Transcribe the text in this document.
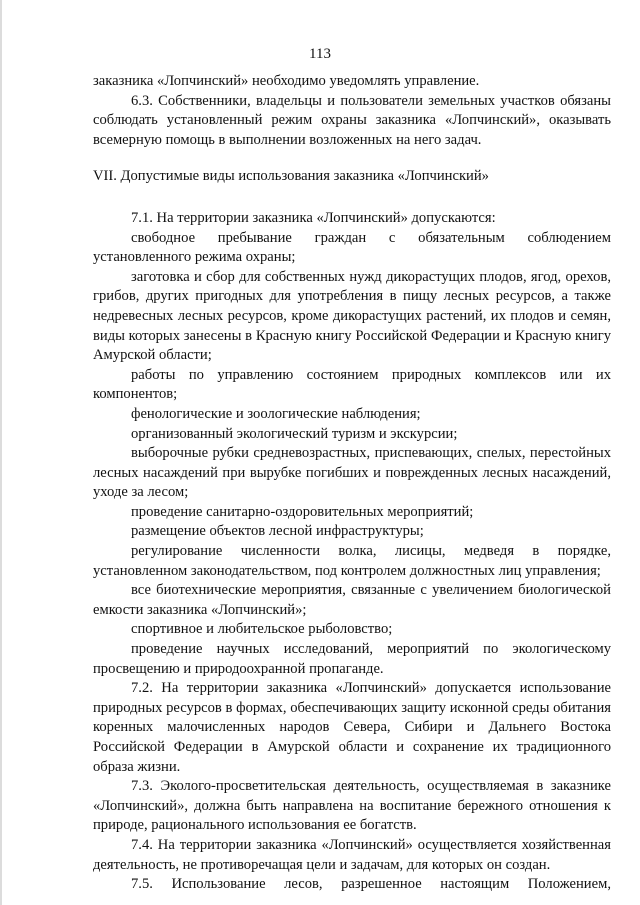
113

заказника «Лопчинский» необходимо уведомлять управление.

6.3. Собственники, владельцы и пользователи земельных участков обязаны соблюдать установленный режим охраны заказника «Лопчинский», оказывать всемерную помощь в выполнении возложенных на него задач.

VII. Допустимые виды использования заказника «Лопчинский»

7.1. На территории заказника «Лопчинский» допускаются:

свободное пребывание граждан с обязательным соблюдением установленного режима охраны;

заготовка и сбор для собственных нужд дикорастущих плодов, ягод, орехов, грибов, других пригодных для употребления в пищу лесных ресурсов, а также недревесных лесных ресурсов, кроме дикорастущих растений, их плодов и семян, виды которых занесены в Красную книгу Российской Федерации и Красную книгу Амурской области;

работы по управлению состоянием природных комплексов или их компонентов;

фенологические и зоологические наблюдения;

организованный экологический туризм и экскурсии;

выборочные рубки средневозрастных, приспевающих, спелых, перестойных лесных насаждений при вырубке погибших и поврежденных лесных насаждений, уходе за лесом;

проведение санитарно-оздоровительных мероприятий;

размещение объектов лесной инфраструктуры;

регулирование численности волка, лисицы, медведя в порядке, установленном законодательством, под контролем должностных лиц управления;

все биотехнические мероприятия, связанные с увеличением биологической емкости заказника «Лопчинский»;

спортивное и любительское рыболовство;

проведение научных исследований, мероприятий по экологическому просвещению и природоохранной пропаганде.

7.2. На территории заказника «Лопчинский» допускается использование природных ресурсов в формах, обеспечивающих защиту исконной среды обитания коренных малочисленных народов Севера, Сибири и Дальнего Востока Российской Федерации в Амурской области и сохранение их традиционного образа жизни.

7.3. Эколого-просветительская деятельность, осуществляемая в заказнике «Лопчинский», должна быть направлена на воспитание бережного отношения к природе, рационального использования ее богатств.

7.4. На территории заказника «Лопчинский» осуществляется хозяйственная деятельность, не противоречащая цели и задачам, для которых он создан.

7.5. Использование лесов, разрешенное настоящим Положением,
